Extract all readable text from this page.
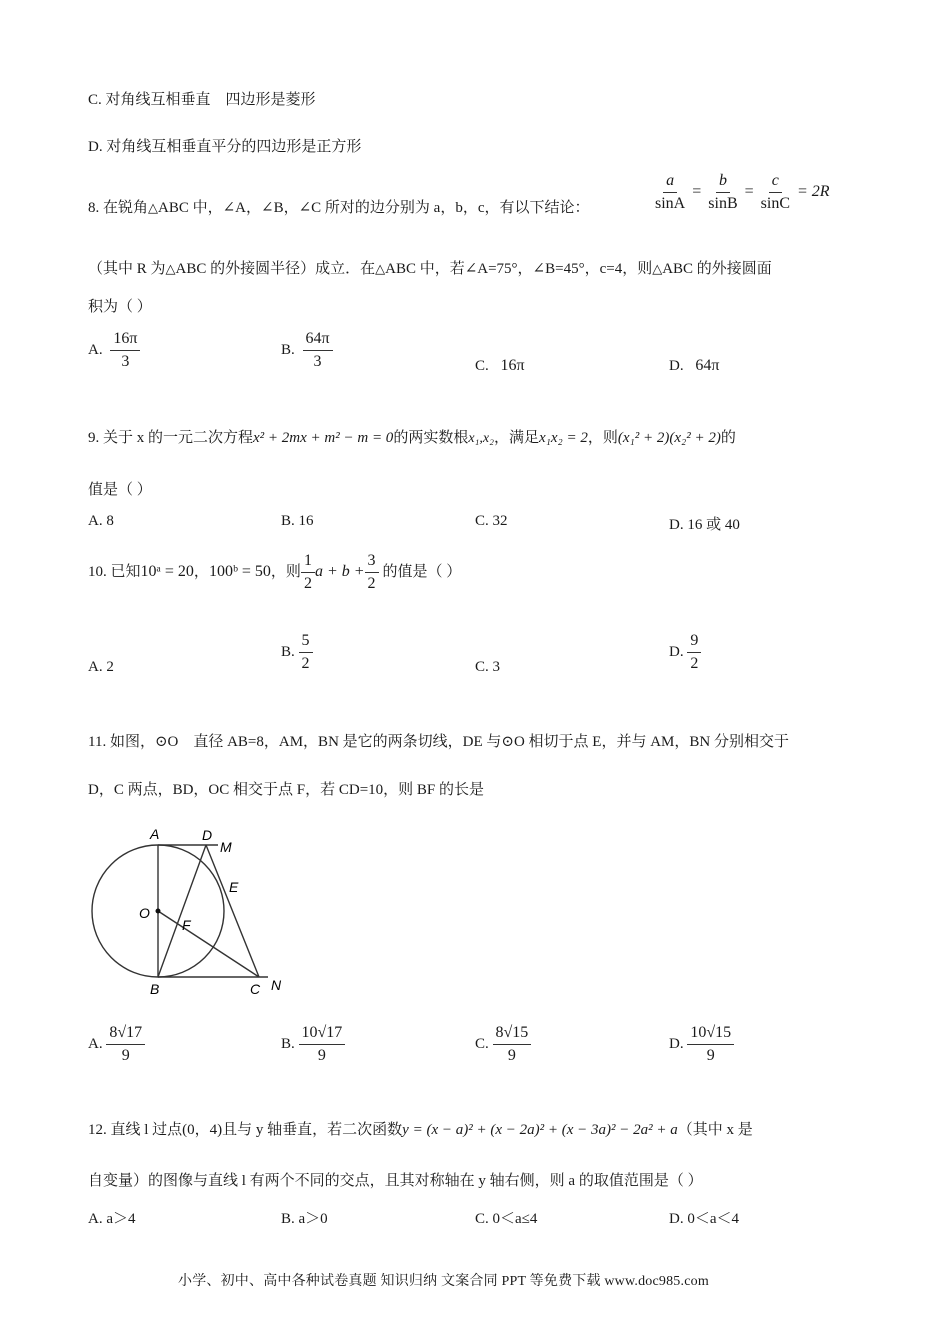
C. 对角线互相垂直　四边形是菱形
D. 对角线互相垂直平分的四边形是正方形
8. 在锐角△ABC 中，∠A，∠B，∠C 所对的边分别为 a，b，c，有以下结论：	$\frac{a}{\sin A} = \frac{b}{\sin B} = \frac{c}{\sin C} = 2R$
（其中 R 为△ABC 的外接圆半径）成立．在△ABC 中，若∠A=75°，∠B=45°，c=4，则△ABC 的外接圆面
积为（ ）
A. $\frac{16\pi}{3}$	B. $\frac{64\pi}{3}$	C. 16π	D. 64π
9. 关于 x 的一元二次方程x² + 2mx + m² − m = 0的两实数根x₁,x₂，满足x₁x₂ = 2，则(x₁² + 2)(x₂² + 2)的
值是（ ）
A. 8	B. 16	C. 32	D. 16 或 40
10. 已知 10ᵃ = 20 ， 100ᵇ = 50 ，则 $\frac{1}{2}$ $a + b + \frac{3}{2}$ 的值是（ ）
A. 2
B. $\frac{5}{2}$	C. 3
D. $\frac{9}{2}$
11. 如图，⊙O　直径 AB=8，AM，BN 是它的两条切线，DE 与⊙O 相切于点 E，并与 AM，BN 分别相交于
D，C 两点，BD，OC 相交于点 F，若 CD=10，则 BF 的长是
A	D
M
E
O
F
B	C N
A. $\frac{8√17}{9}$	B. $\frac{10√17}{9}$	C. $\frac{8√15}{9}$	D. $\frac{10√15}{9}$
12. 直线 l 过点(0，4)且与 y 轴垂直，若二次函数y = (x − a)² + (x − 2a)² + (x − 3a)² − 2a² + a（其中 x 是
自变量）的图像与直线 l 有两个不同的交点，且其对称轴在 y 轴右侧，则 a 的取值范围是（ ）
A. a＞4	B. a＞0	C. 0＜a≤4	D. 0＜a＜4
小学、初中、高中各种试卷真题 知识归纳 文案合同 PPT 等免费下载 www.doc985.com
